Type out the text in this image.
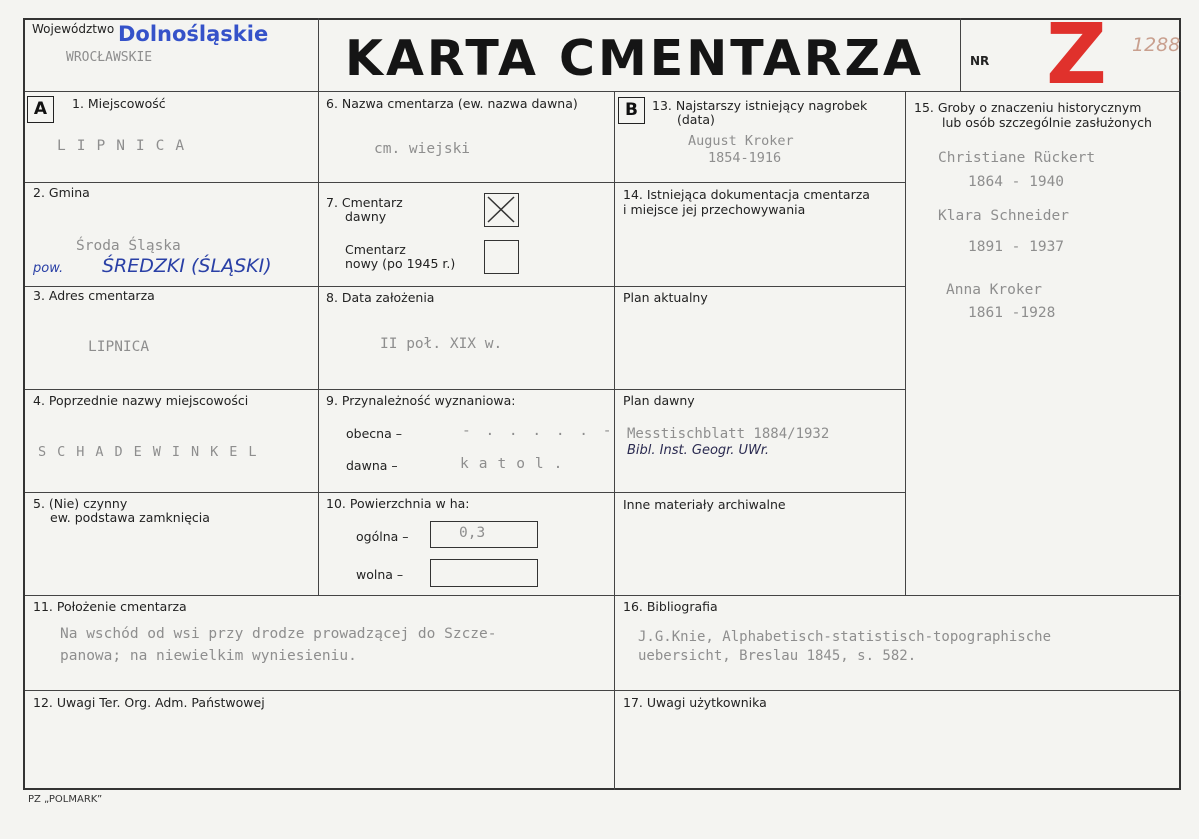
Województwo Dolnośląskie
WROCŁAWSKIE	KARTA CMENTARZA	NR Z 1288
A	1. Miejscowość
LIPNICA
2. Gmina
Środa Śląska
pow. ŚREDZKI (ŚLĄSKI)
3. Adres cmentarza
LIPNICA
4. Poprzednie nazwy miejscowości
SCHADEWINKEL
5. (Nie) czynny
ew. podstawa zamknięcia
6. Nazwa cmentarza (ew. nazwa dawna)
cm. wiejski
7. Cmentarz
dawny
Cmentarz
nowy (po 1945 r.)
8. Data założenia
II poł. XIX w.
9. Przynależność wyznaniowa:
obecna –	- . . . . . -
dawna –	katol.
10. Powierzchnia w ha:
ogólna –	0,3
wolna –
B	13. Najstarszy istniejący nagrobek
(data)
August Kroker
1854-1916
14. Istniejąca dokumentacja cmentarza
i miejsce jej przechowywania
Plan aktualny
Plan dawny
Messtischblatt 1884/1932
Bibl. Inst. Geogr. UWr.
Inne materiały archiwalne
15. Groby o znaczeniu historycznym
lub osób szczególnie zasłużonych
Christiane Rückert
1864 - 1940
Klara Schneider
1891 - 1937
Anna Kroker
1861 -1928
11. Położenie cmentarza
Na wschód od wsi przy drodze prowadzącej do Szcze-
panowa; na niewielkim wyniesieniu.
16. Bibliografia
J.G.Knie, Alphabetisch-statistisch-topographische
uebersicht, Breslau 1845, s. 582.
12. Uwagi Ter. Org. Adm. Państwowej	17. Uwagi użytkownika
PZ „POLMARK”
